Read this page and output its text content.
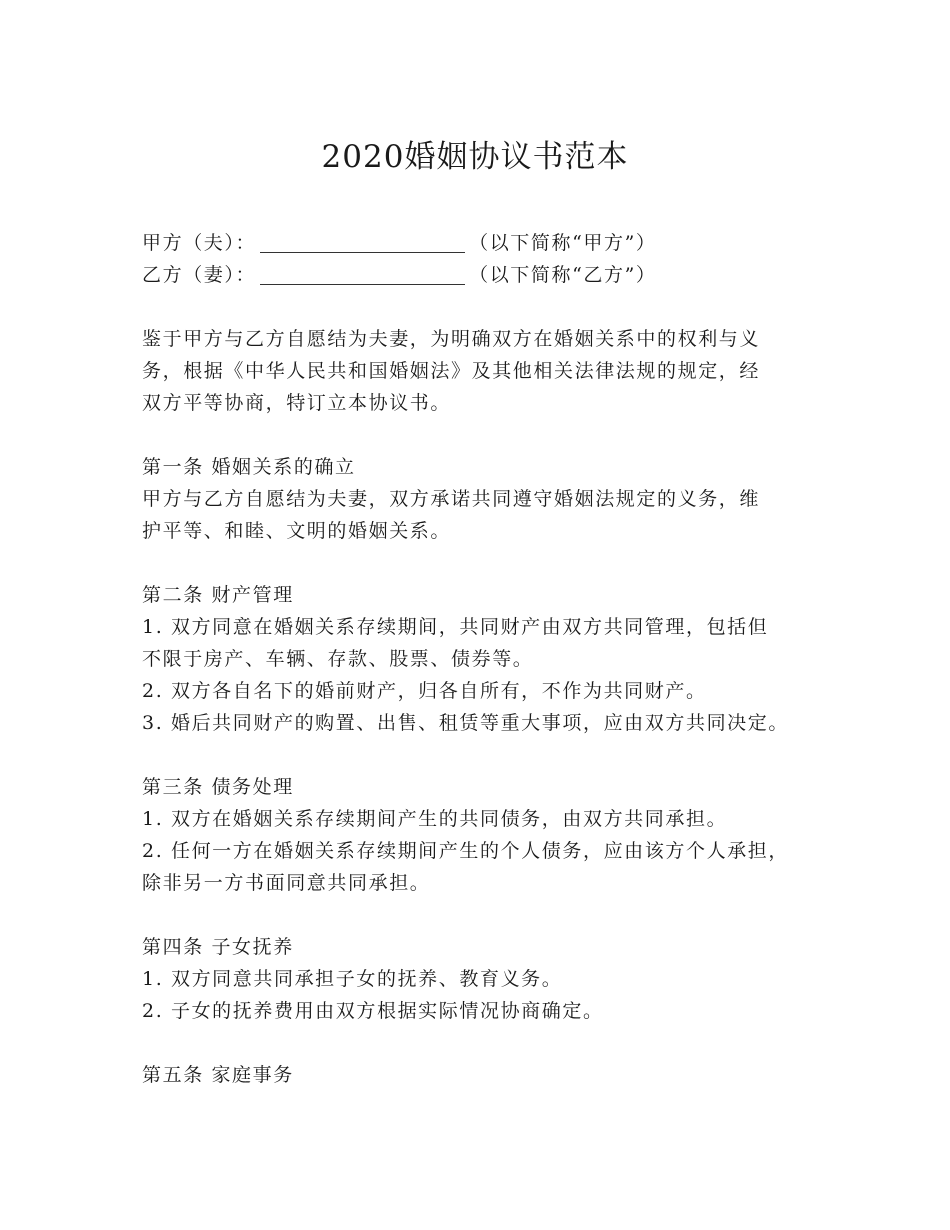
2020婚姻协议书范本
甲方（夫）：	（以下简称“甲方”）
乙方（妻）：	（以下简称“乙方”）
鉴于甲方与乙方自愿结为夫妻，为明确双方在婚姻关系中的权利与义
务，根据《中华人民共和国婚姻法》及其他相关法律法规的规定，经
双方平等协商，特订立本协议书。
第一条 婚姻关系的确立
甲方与乙方自愿结为夫妻，双方承诺共同遵守婚姻法规定的义务，维
护平等、和睦、文明的婚姻关系。
第二条 财产管理
1. 双方同意在婚姻关系存续期间，共同财产由双方共同管理，包括但
不限于房产、车辆、存款、股票、债券等。
2. 双方各自名下的婚前财产，归各自所有，不作为共同财产。
3. 婚后共同财产的购置、出售、租赁等重大事项，应由双方共同决定。
第三条 债务处理
1. 双方在婚姻关系存续期间产生的共同债务，由双方共同承担。
2. 任何一方在婚姻关系存续期间产生的个人债务，应由该方个人承担，
除非另一方书面同意共同承担。
第四条 子女抚养
1. 双方同意共同承担子女的抚养、教育义务。
2. 子女的抚养费用由双方根据实际情况协商确定。
第五条 家庭事务
